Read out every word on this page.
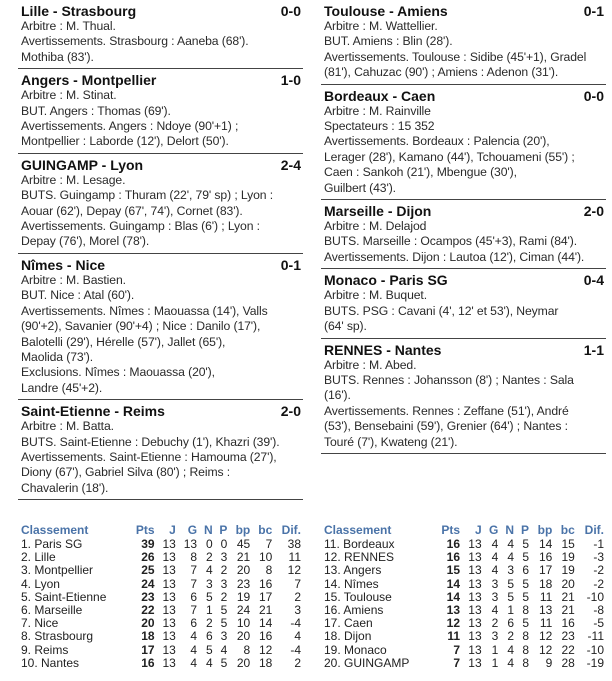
Lille - Strasbourg	0-0
Arbitre : M. Thual.
Avertissements. Strasbourg : Aaneba (68').
Mothiba (83').
Angers - Montpellier	1-0
Arbitre : M. Stinat.
BUT. Angers : Thomas (69').
Avertissements. Angers : Ndoye (90'+1) ;
Montpellier : Laborde (12'), Delort (50').
GUINGAMP - Lyon	2-4
Arbitre : M. Lesage.
BUTS. Guingamp : Thuram (22', 79' sp) ; Lyon :
Aouar (62'), Depay (67', 74'), Cornet (83').
Avertissements. Guingamp : Blas (6') ; Lyon :
Depay (76'), Morel (78').
Nîmes - Nice	0-1
Arbitre : M. Bastien.
BUT. Nice : Atal (60').
Avertissements. Nîmes : Maouassa (14'), Valls
(90'+2), Savanier (90'+4) ; Nice : Danilo (17'),
Balotelli (29'), Hérelle (57'), Jallet (65'),
Maolida (73').
Exclusions. Nîmes : Maouassa (20'),
Landre (45'+2).
Saint-Etienne - Reims	2-0
Arbitre : M. Batta.
BUTS. Saint-Etienne : Debuchy (1'), Khazri (39').
Avertissements. Saint-Etienne : Hamouma (27'),
Diony (67'), Gabriel Silva (80') ; Reims :
Chavalerin (18').
Toulouse - Amiens	0-1
Arbitre : M. Wattellier.
BUT. Amiens : Blin (28').
Avertissements. Toulouse : Sidibe (45'+1), Gradel
(81'), Cahuzac (90') ; Amiens : Adenon (31').
Bordeaux - Caen	0-0
Arbitre : M. Rainville
Spectateurs : 15 352
Avertissements. Bordeaux : Palencia (20'),
Lerager (28'), Kamano (44'), Tchouameni (55') ;
Caen : Sankoh (21'), Mbengue (30'),
Guilbert (43').
Marseille - Dijon	2-0
Arbitre : M. Delajod
BUTS. Marseille : Ocampos (45'+3), Rami (84').
Avertissements. Dijon : Lautoa (12'), Ciman (44').
Monaco - Paris SG	0-4
Arbitre : M. Buquet.
BUTS. PSG : Cavani (4', 12' et 53'), Neymar
(64' sp).
RENNES - Nantes	1-1
Arbitre : M. Abed.
BUTS. Rennes : Johansson (8') ; Nantes : Sala
(16').
Avertissements. Rennes : Zeffane (51'), André
(53'), Bensebaini (59'), Grenier (64') ; Nantes :
Touré (7'), Kwateng (21').
Classement	Pts	J	G	N	P	bp	bc	Dif.
1. Paris SG	39	13	13	0	0	45	7	38
2. Lille	26	13	8	2	3	21	10	11
3. Montpellier	25	13	7	4	2	20	8	12
4. Lyon	24	13	7	3	3	23	16	7
5. Saint-Etienne	23	13	6	5	2	19	17	2
6. Marseille	22	13	7	1	5	24	21	3
7. Nice	20	13	6	2	5	10	14	-4
8. Strasbourg	18	13	4	6	3	20	16	4
9. Reims	17	13	4	5	4	8	12	-4
10. Nantes	16	13	4	4	5	20	18	2
Classement	Pts	J	G	N	P	bp	bc	Dif.
11. Bordeaux	16	13	4	4	5	14	15	-1
12. RENNES	16	13	4	4	5	16	19	-3
13. Angers	15	13	4	3	6	17	19	-2
14. Nîmes	14	13	3	5	5	18	20	-2
15. Toulouse	14	13	3	5	5	11	21	-10
16. Amiens	13	13	4	1	8	13	21	-8
17. Caen	12	13	2	6	5	11	16	-5
18. Dijon	11	13	3	2	8	12	23	-11
19. Monaco	7	13	1	4	8	12	22	-10
20. GUINGAMP	7	13	1	4	8	9	28	-19
